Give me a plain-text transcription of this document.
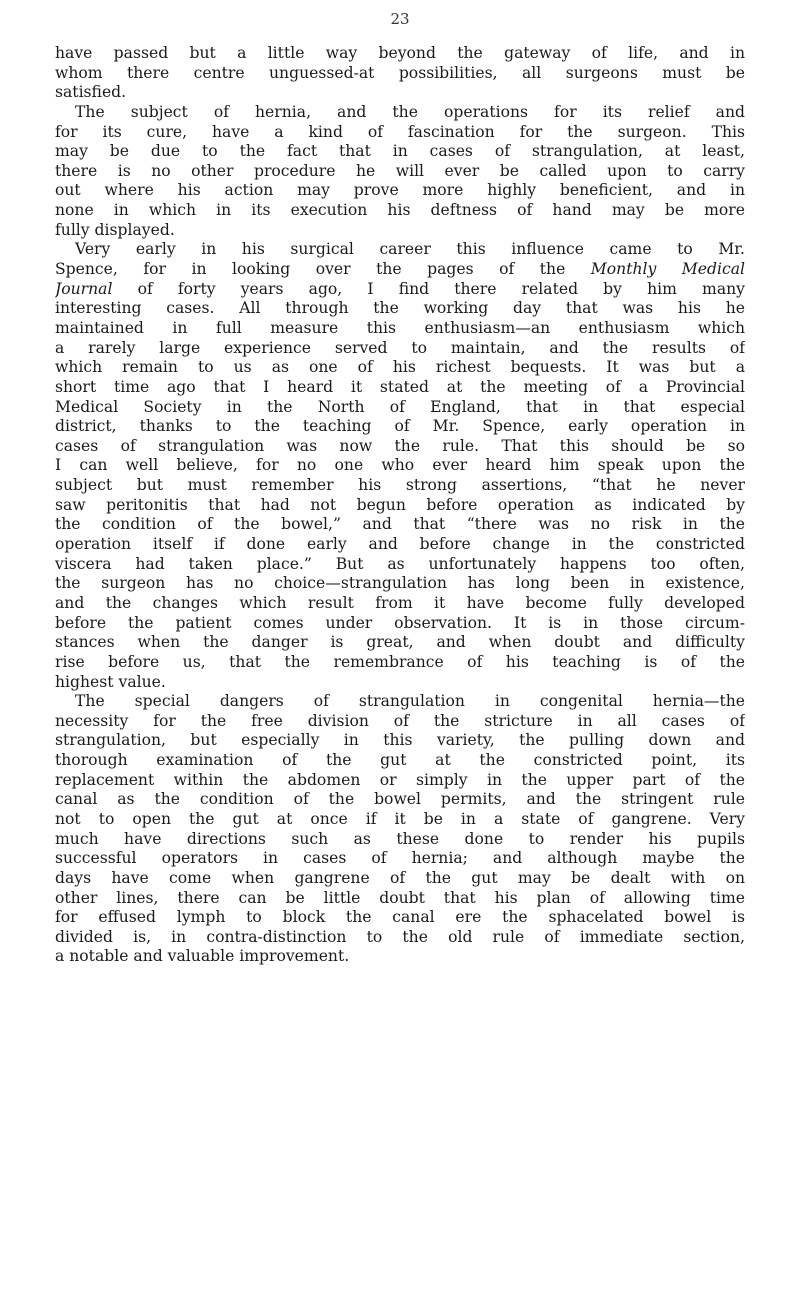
23
have passed but a little way beyond the gateway of life, and in
whom there centre unguessed-at possibilities, all surgeons must be
satisfied.
The subject of hernia, and the operations for its relief and
for its cure, have a kind of fascination for the surgeon. This
may be due to the fact that in cases of strangulation, at least,
there is no other procedure he will ever be called upon to carry
out where his action may prove more highly beneficient, and in
none in which in its execution his deftness of hand may be more
fully displayed.
Very early in his surgical career this influence came to Mr.
Spence, for in looking over the pages of the Monthly Medical
Journal of forty years ago, I find there related by him many
interesting cases. All through the working day that was his he
maintained in full measure this enthusiasm—an enthusiasm which
a rarely large experience served to maintain, and the results of
which remain to us as one of his richest bequests. It was but a
short time ago that I heard it stated at the meeting of a Provincial
Medical Society in the North of England, that in that especial
district, thanks to the teaching of Mr. Spence, early operation in
cases of strangulation was now the rule. That this should be so
I can well believe, for no one who ever heard him speak upon the
subject but must remember his strong assertions, “that he never
saw peritonitis that had not begun before operation as indicated by
the condition of the bowel,” and that “there was no risk in the
operation itself if done early and before change in the constricted
viscera had taken place.” But as unfortunately happens too often,
the surgeon has no choice—strangulation has long been in existence,
and the changes which result from it have become fully developed
before the patient comes under observation. It is in those circum-
stances when the danger is great, and when doubt and difficulty
rise before us, that the remembrance of his teaching is of the
highest value.
The special dangers of strangulation in congenital hernia—the
necessity for the free division of the stricture in all cases of
strangulation, but especially in this variety, the pulling down and
thorough examination of the gut at the constricted point, its
replacement within the abdomen or simply in the upper part of the
canal as the condition of the bowel permits, and the stringent rule
not to open the gut at once if it be in a state of gangrene. Very
much have directions such as these done to render his pupils
successful operators in cases of hernia; and although maybe the
days have come when gangrene of the gut may be dealt with on
other lines, there can be little doubt that his plan of allowing time
for effused lymph to block the canal ere the sphacelated bowel is
divided is, in contra-distinction to the old rule of immediate section,
a notable and valuable improvement.
